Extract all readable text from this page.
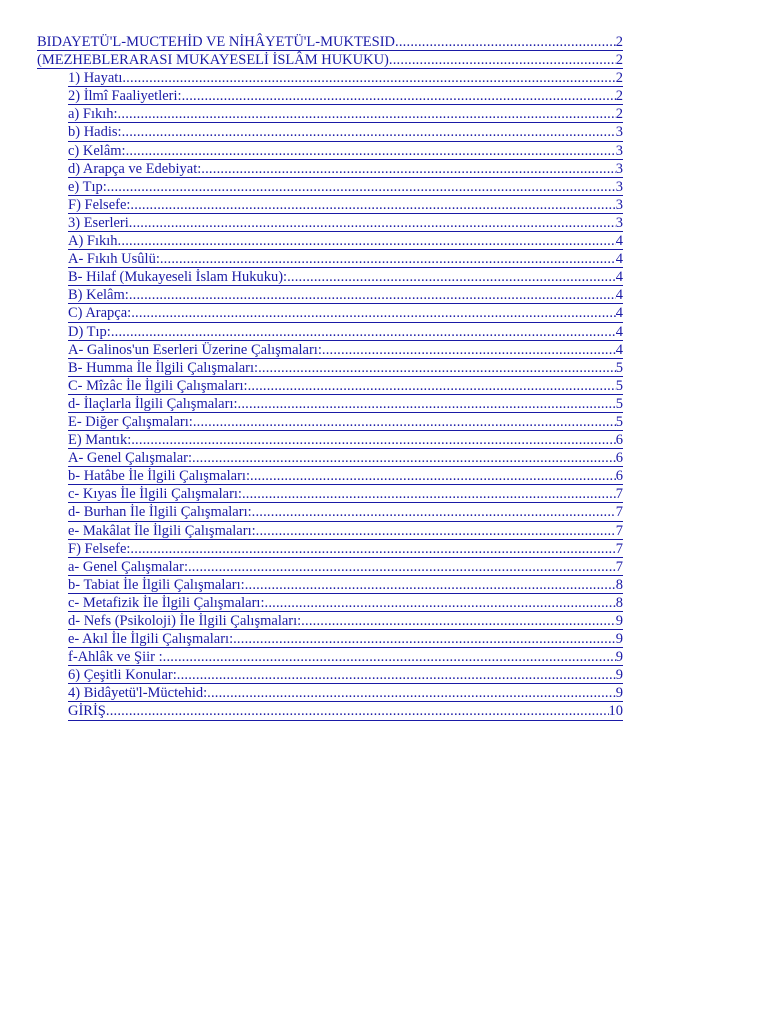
BIDAYETÜ'L-MUCTEHİD VE NİHÂYETÜ'L-MUKTESID .....	2
(MEZHEBLERARASI MUKAYESELİ İSLÂM HUKUKU) .....	2
1) Hayatı .....	2
2) İlmî Faaliyetleri: .....	2
a) Fıkıh: .....	2
b) Hadis: .....	3
c) Kelâm: .....	3
d) Arapça ve Edebiyat: .....	3
e) Tıp: .....	3
F) Felsefe: .....	3
3) Eserleri .....	3
A) Fıkıh .....	4
A- Fıkıh Usûlü: .....	4
B- Hilaf (Mukayeseli İslam Hukuku): .....	4
B) Kelâm: .....	4
C) Arapça: .....	4
D) Tıp: .....	4
A- Galinos'un Eserleri Üzerine Çalışmaları: .....	4
B- Humma İle İlgili Çalışmaları: .....	5
C- Mîzâc İle İlgili Çalışmaları: .....	5
d- İlaçlarla İlgili Çalışmaları: .....	5
E- Diğer Çalışmaları: .....	5
E) Mantık: .....	6
A- Genel Çalışmalar: .....	6
b- Hatâbe İle İlgili Çalışmaları: .....	6
c- Kıyas İle İlgili Çalışmaları: .....	7
d- Burhan İle İlgili Çalışmaları: .....	7
e- Makâlat İle İlgili Çalışmaları: .....	7
F) Felsefe: .....	7
a- Genel Çalışmalar: .....	7
b- Tabiat İle İlgili Çalışmaları: .....	8
c- Metafizik İle İlgili Çalışmaları: .....	8
d- Nefs (Psikoloji) İle İlgili Çalışmaları: .....	9
e- Akıl İle İlgili Çalışmaları: .....	9
f-Ahlâk ve Şiir : .....	9
6) Çeşitli Konular: .....	9
4) Bidâyetü'l-Müctehid: .....	9
GİRİŞ .....	10
